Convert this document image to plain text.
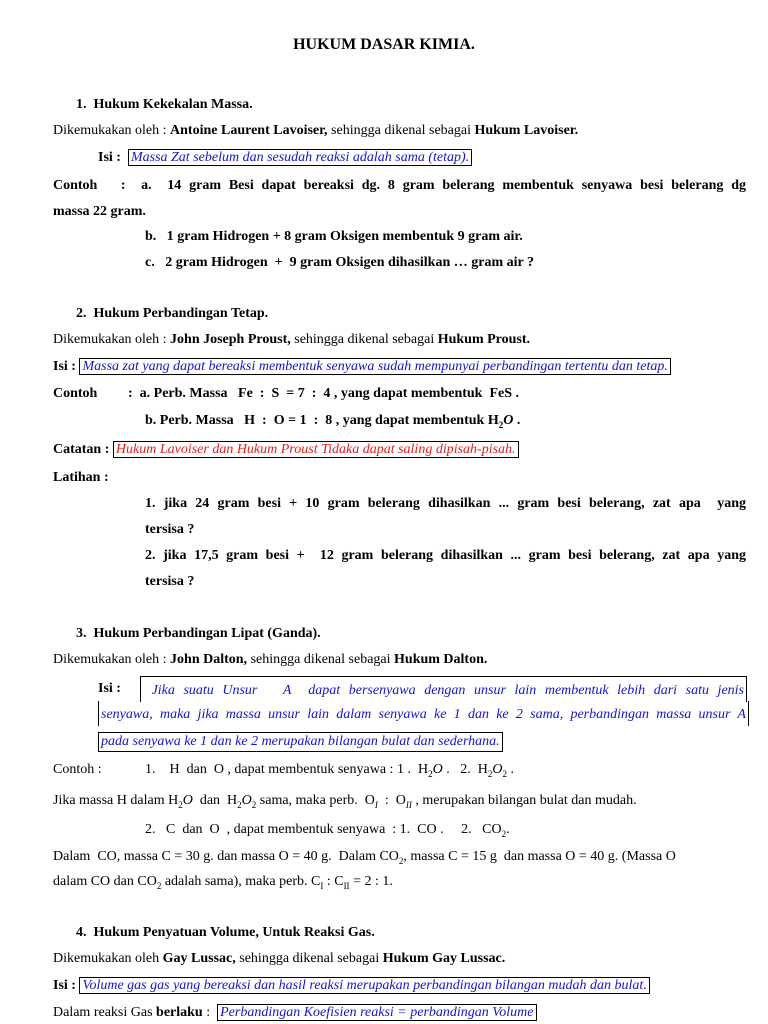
HUKUM DASAR KIMIA.
1.  Hukum Kekekalan Massa.
Dikemukakan oleh : Antoine Laurent Lavoiser, sehingga dikenal sebagai Hukum Lavoiser.
Isi : Massa Zat sebelum dan sesudah reaksi adalah sama (tetap).
Contoh   :  a.  14 gram Besi dapat bereaksi dg. 8 gram belerang membentuk senyawa besi belerang dg
massa 22 gram.
b.   1 gram Hidrogen + 8 gram Oksigen membentuk 9 gram air.
c.   2 gram Hidrogen  +  9 gram Oksigen dihasilkan … gram air ?
2.  Hukum Perbandingan Tetap.
Dikemukakan oleh : John Joseph Proust, sehingga dikenal sebagai Hukum Proust.
Isi : Massa zat yang dapat bereaksi membentuk senyawa sudah mempunyai perbandingan tertentu dan tetap.
Contoh :  a. Perb. Massa   Fe  :  S  = 7  :  4 , yang dapat membentuk  FeS .
b. Perb. Massa   H  :  O = 1  :  8 , yang dapat membentuk $H_2O$ .
Catatan : Hukum Lavoiser dan Hukum Proust Tidaka dapat saling dipisah-pisah.
Latihan :
1. jika 24 gram besi + 10 gram belerang dihasilkan ... gram besi belerang, zat apa  yang
tersisa ?
2. jika 17,5 gram besi +  12 gram belerang dihasilkan ... gram besi belerang, zat apa yang
tersisa ?
3.  Hukum Perbandingan Lipat (Ganda).
Dikemukakan oleh : John Dalton, sehingga dikenal sebagai Hukum Dalton.
Isi : Jika suatu Unsur   A  dapat bersenyawa dengan unsur lain membentuk lebih dari satu jenis
senyawa, maka jika massa unsur lain dalam senyawa ke 1 dan ke 2 sama, perbandingan massa unsur A
pada senyawa ke 1 dan ke 2 merupakan bilangan bulat dan sederhana.
Contoh :	1.    H  dan  O , dapat membentuk senyawa : 1 .  $H_2O$ .   2.  $H_2O_2$ .
Jika massa H dalam $H_2O$  dan  $H_2O_2$ sama, maka perb.  $O_I$  :  $O_{II}$ , merupakan bilangan bulat dan mudah.
2.   C  dan  O  , dapat membentuk senyawa  : 1.  CO .     2.   $CO_2$.
Dalam  CO, massa C = 30 g. dan massa O = 40 g.  Dalam $CO_2$, massa C = 15 g  dan massa O = 40 g. (Massa O
dalam CO dan $CO_2$ adalah sama), maka perb. $C_I$ : $C_{II} = 2$ : 1.
4.  Hukum Penyatuan Volume, Untuk Reaksi Gas.
Dikemukakan oleh Gay Lussac, sehingga dikenal sebagai Hukum Gay Lussac.
Isi : Volume gas gas yang bereaksi dan hasil reaksi merupakan perbandingan bilangan mudah dan bulat.
Dalam reaksi Gas berlaku :  Perbandingan Koefisien reaksi = perbandingan Volume
